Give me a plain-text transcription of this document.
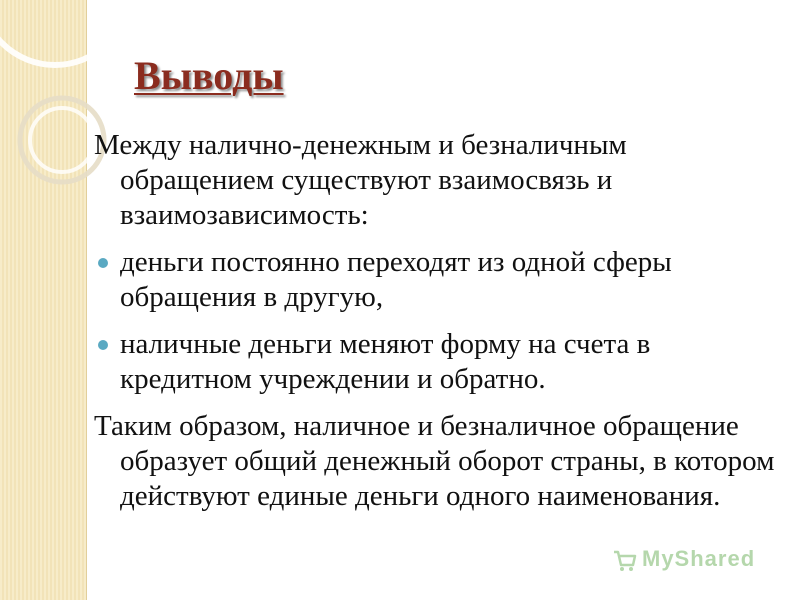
Выводы

Между налично-денежным и безналичным обращением существуют взаимосвязь и взаимозависимость:

деньги постоянно переходят из одной сферы обращения в другую,
наличные деньги меняют форму на счета в кредитном учреждении и обратно.

Таким образом, наличное и безналичное обращение образует общий денежный оборот страны, в котором действуют единые деньги одного наименования.

MyShared
